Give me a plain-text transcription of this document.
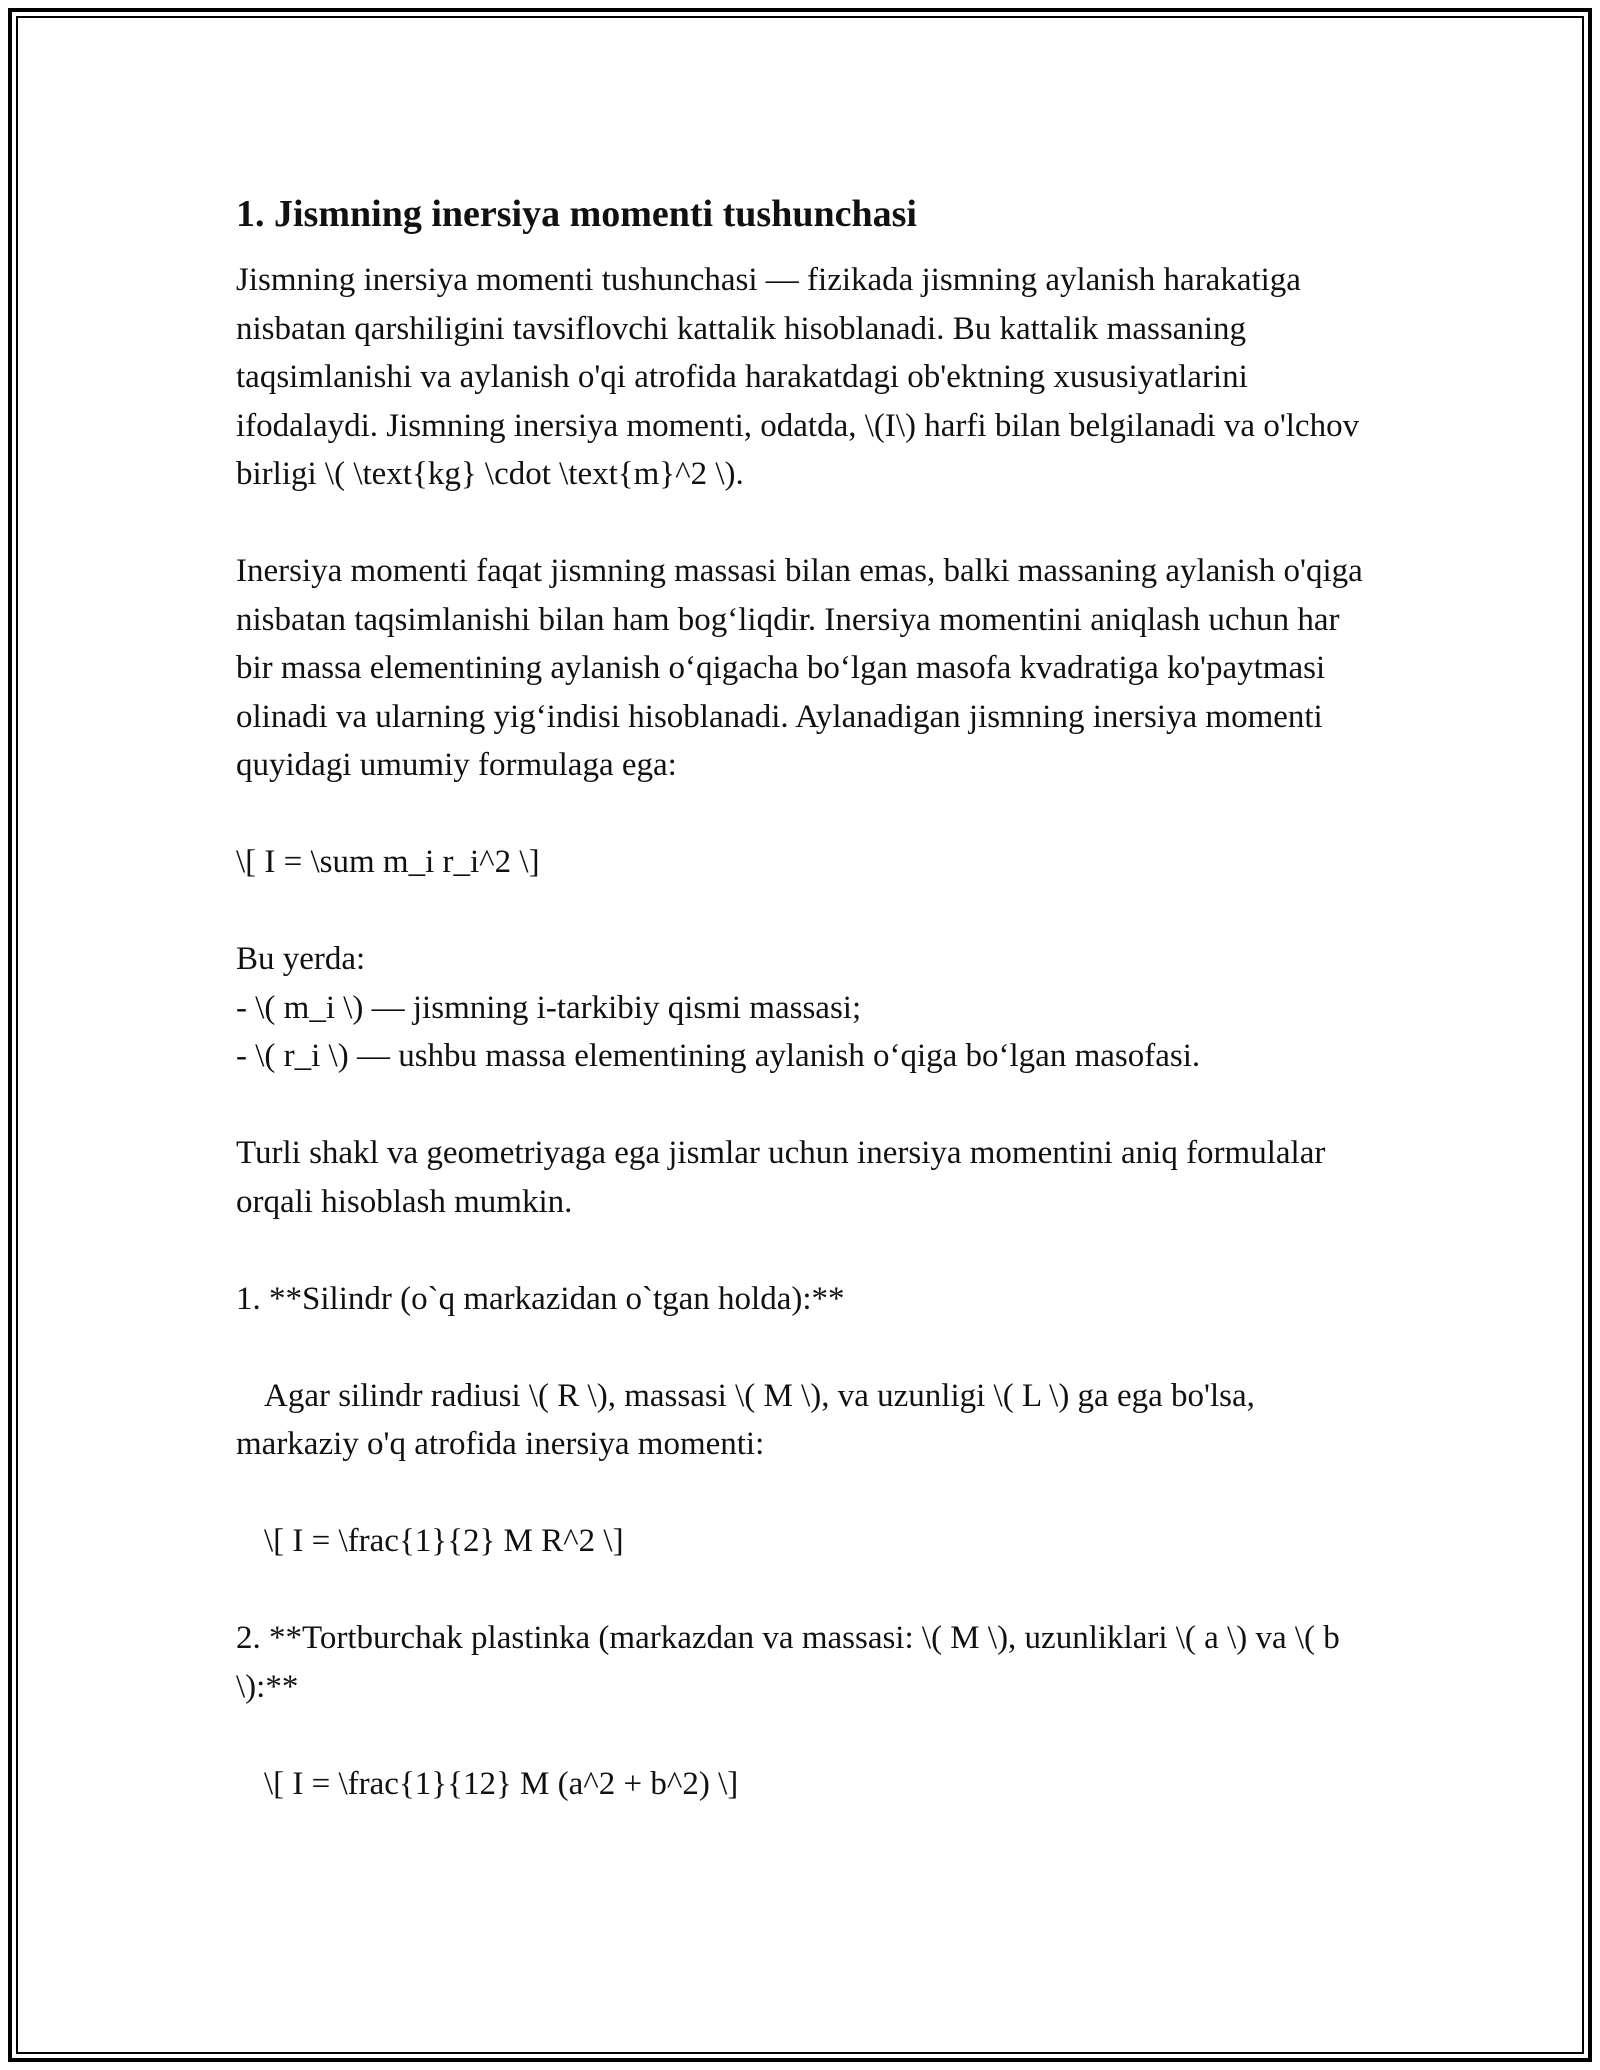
1. Jismning inersiya momenti tushunchasi

Jismning inersiya momenti tushunchasi — fizikada jismning aylanish harakatiga nisbatan qarshiligini tavsiflovchi kattalik hisoblanadi. Bu kattalik massaning taqsimlanishi va aylanish o'qi atrofida harakatdagi ob'ektning xususiyatlarini ifodalaydi. Jismning inersiya momenti, odatda, \(I\) harfi bilan belgilanadi va o'lchov birligi \( \text{kg} \cdot \text{m}^2 \).

Inersiya momenti faqat jismning massasi bilan emas, balki massaning aylanish o'qiga nisbatan taqsimlanishi bilan ham bog‘liqdir. Inersiya momentini aniqlash uchun har bir massa elementining aylanish o‘qigacha bo‘lgan masofa kvadratiga ko'paytmasi olinadi va ularning yig‘indisi hisoblanadi. Aylanadigan jismning inersiya momenti quyidagi umumiy formulaga ega:

\[ I = \sum m_i r_i^2 \]

Bu yerda:

- \( m_i \) — jismning i-tarkibiy qismi massasi;

- \( r_i \) — ushbu massa elementining aylanish o‘qiga bo‘lgan masofasi.

Turli shakl va geometriyaga ega jismlar uchun inersiya momentini aniq formulalar orqali hisoblash mumkin.

1. **Silindr (o`q markazidan o`tgan holda):**

Agar silindr radiusi \( R \), massasi \( M \), va uzunligi \( L \) ga ega bo'lsa, markaziy o'q atrofida inersiya momenti:

\[ I = \frac{1}{2} M R^2 \]

2. **Tortburchak plastinka (markazdan va massasi: \( M \), uzunliklari \( a \) va \( b \):**

\[ I = \frac{1}{12} M (a^2 + b^2) \]
